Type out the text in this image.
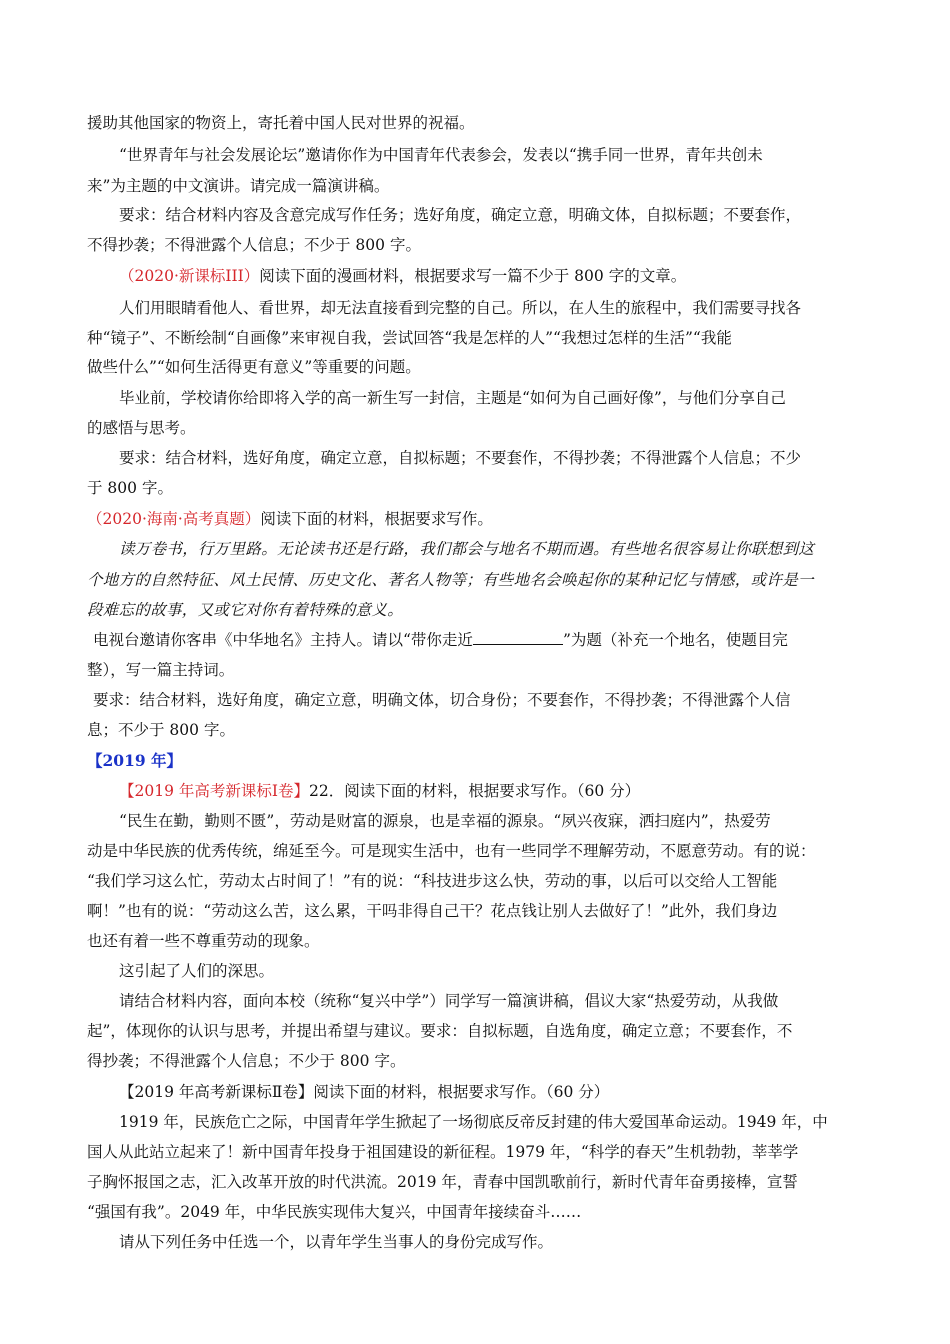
援助其他国家的物资上，寄托着中国人民对世界的祝福。
“世界青年与社会发展论坛”邀请你作为中国青年代表参会，发表以“携手同一世界，青年共创未
来”为主题的中文演讲。请完成一篇演讲稿。
要求：结合材料内容及含意完成写作任务；选好角度，确定立意，明确文体，自拟标题；不要套作，
不得抄袭；不得泄露个人信息；不少于 800 字。
（2020·新课标III）阅读下面的漫画材料，根据要求写一篇不少于 800 字的文章。
人们用眼睛看他人、看世界，却无法直接看到完整的自己。所以，在人生的旅程中，我们需要寻找各
种“镜子”、不断绘制“自画像”来审视自我，尝试回答“我是怎样的人”“我想过怎样的生活”“我能
做些什么”“如何生活得更有意义”等重要的问题。
毕业前，学校请你给即将入学的高一新生写一封信，主题是“如何为自己画好像”，与他们分享自己
的感悟与思考。
要求：结合材料，选好角度，确定立意，自拟标题；不要套作，不得抄袭；不得泄露个人信息；不少
于 800 字。
（2020·海南·高考真题）阅读下面的材料，根据要求写作。
读万卷书，行万里路。无论读书还是行路，我们都会与地名不期而遇。有些地名很容易让你联想到这
个地方的自然特征、风土民情、历史文化、著名人物等；有些地名会唤起你的某种记忆与情感，或许是一
段难忘的故事，又或它对你有着特殊的意义。
电视台邀请你客串《中华地名》主持人。请以“带你走近	”为题（补充一个地名，使题目完
整），写一篇主持词。
要求：结合材料，选好角度，确定立意，明确文体，切合身份；不要套作，不得抄袭；不得泄露个人信
息；不少于 800 字。
【2019 年】
【2019 年高考新课标Ⅰ卷】22．阅读下面的材料，根据要求写作。（60 分）
“民生在勤，勤则不匮”，劳动是财富的源泉，也是幸福的源泉。“夙兴夜寐，洒扫庭内”，热爱劳
动是中华民族的优秀传统，绵延至今。可是现实生活中，也有一些同学不理解劳动，不愿意劳动。有的说：
“我们学习这么忙，劳动太占时间了！”有的说：“科技进步这么快，劳动的事，以后可以交给人工智能
啊！”也有的说：“劳动这么苦，这么累，干吗非得自己干？花点钱让别人去做好了！”此外，我们身边
也还有着一些不尊重劳动的现象。
这引起了人们的深思。
请结合材料内容，面向本校（统称“复兴中学”）同学写一篇演讲稿，倡议大家“热爱劳动，从我做
起”，体现你的认识与思考，并提出希望与建议。要求：自拟标题，自选角度，确定立意；不要套作，不
得抄袭；不得泄露个人信息；不少于 800 字。
【2019 年高考新课标Ⅱ卷】阅读下面的材料，根据要求写作。（60 分）
1919 年，民族危亡之际，中国青年学生掀起了一场彻底反帝反封建的伟大爱国革命运动。1949 年，中
国人从此站立起来了！新中国青年投身于祖国建设的新征程。1979 年，“科学的春天”生机勃勃，莘莘学
子胸怀报国之志，汇入改革开放的时代洪流。2019 年，青春中国凯歌前行，新时代青年奋勇接棒，宣誓
“强国有我”。2049 年，中华民族实现伟大复兴，中国青年接续奋斗……
请从下列任务中任选一个，以青年学生当事人的身份完成写作。
